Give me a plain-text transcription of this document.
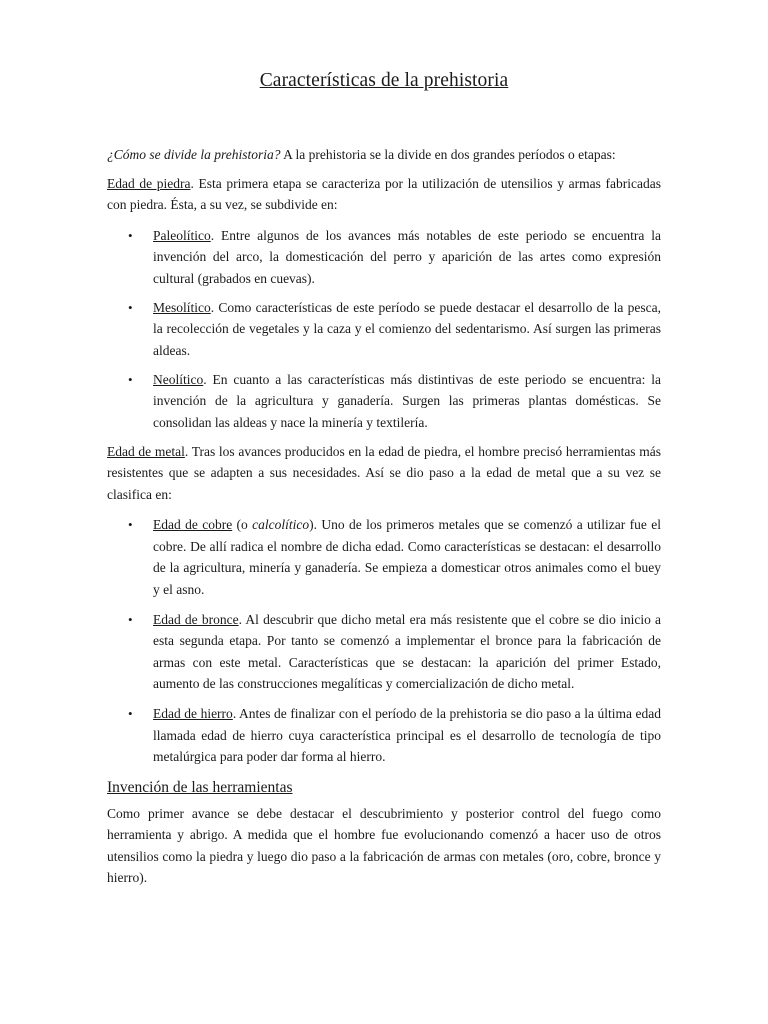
Características de la prehistoria

¿Cómo se divide la prehistoria? A la prehistoria se la divide en dos grandes períodos o etapas:

Edad de piedra. Esta primera etapa se caracteriza por la utilización de utensilios y armas fabricadas con piedra. Ésta, a su vez, se subdivide en:

• Paleolítico. Entre algunos de los avances más notables de este periodo se encuentra la invención del arco, la domesticación del perro y aparición de las artes como expresión cultural (grabados en cuevas).
• Mesolítico. Como características de este período se puede destacar el desarrollo de la pesca, la recolección de vegetales y la caza y el comienzo del sedentarismo. Así surgen las primeras aldeas.
• Neolítico. En cuanto a las características más distintivas de este periodo se encuentra: la invención de la agricultura y ganadería. Surgen las primeras plantas domésticas. Se consolidan las aldeas y nace la minería y textilería.

Edad de metal. Tras los avances producidos en la edad de piedra, el hombre precisó herramientas más resistentes que se adapten a sus necesidades. Así se dio paso a la edad de metal que a su vez se clasifica en:

• Edad de cobre (o calcolítico). Uno de los primeros metales que se comenzó a utilizar fue el cobre. De allí radica el nombre de dicha edad. Como características se destacan: el desarrollo de la agricultura, minería y ganadería. Se empieza a domesticar otros animales como el buey y el asno.
• Edad de bronce. Al descubrir que dicho metal era más resistente que el cobre se dio inicio a esta segunda etapa. Por tanto se comenzó a implementar el bronce para la fabricación de armas con este metal. Características que se destacan: la aparición del primer Estado, aumento de las construcciones megalíticas y comercialización de dicho metal.
• Edad de hierro. Antes de finalizar con el período de la prehistoria se dio paso a la última edad llamada edad de hierro cuya característica principal es el desarrollo de tecnología de tipo metalúrgica para poder dar forma al hierro.
Invención de las herramientas

Como primer avance se debe destacar el descubrimiento y posterior control del fuego como herramienta y abrigo. A medida que el hombre fue evolucionando comenzó a hacer uso de otros utensilios como la piedra y luego dio paso a la fabricación de armas con metales (oro, cobre, bronce y hierro).
